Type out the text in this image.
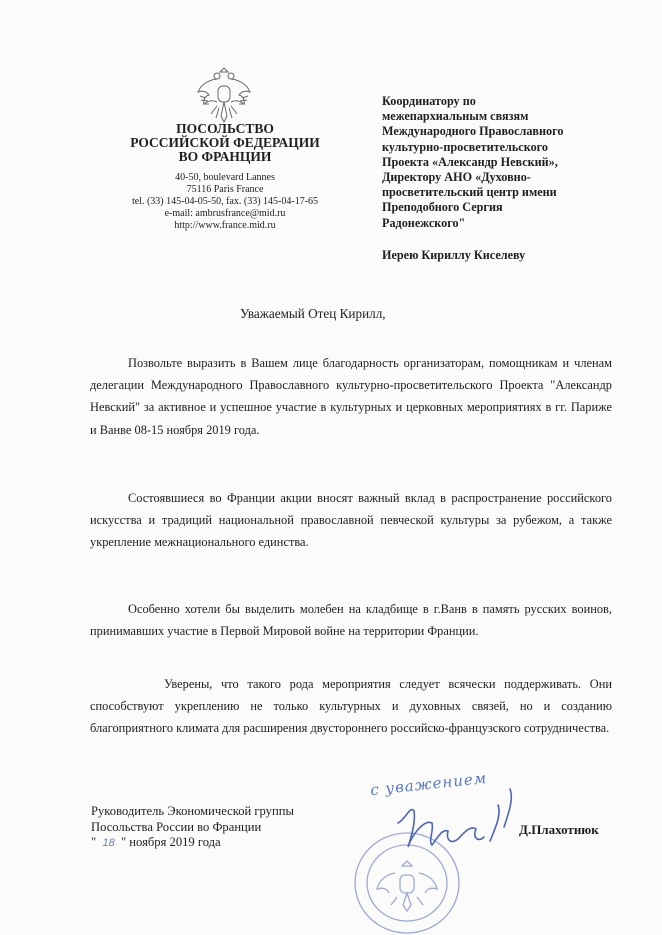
ПОСОЛЬСТВО
РОССИЙСКОЙ ФЕДЕРАЦИИ
ВО ФРАНЦИИ
40-50, boulevard Lannes
75116 Paris France
tel. (33) 145-04-05-50, fax. (33) 145-04-17-65
e-mail: ambrusfrance@mid.ru
http://www.france.mid.ru
Координатору по
межепархиальным связям
Международного Православного
культурно-просветительского
Проекта «Александр Невский»,
Директору АНО «Духовно-
просветительский центр имени
Преподобного Сергия
Радонежского"
Иерею Кириллу Киселеву
Уважаемый Отец Кирилл,

Позвольте выразить в Вашем лице благодарность организаторам, помощникам и членам делегации Международного Православного культурно-просветительского Проекта "Александр Невский" за активное и успешное участие в культурных и церковных мероприятиях в гг. Париже и Ванве 08-15 ноября 2019 года.

Состоявшиеся во Франции акции вносят важный вклад в распространение российского искусства и традиций национальной православной певческой культуры за рубежом, а также укрепление межнационального единства.

Особенно хотели бы выделить молебен на кладбище в г.Ванв в память русских воинов, принимавших участие в Первой Мировой войне на территории Франции.

Уверены, что такого рода мероприятия следует всячески поддерживать. Они способствуют укреплению не только культурных и духовных связей, но и созданию благоприятного климата для расширения двустороннего российско-французского сотрудничества.

с уважением
Руководитель Экономической группы
Посольства России во Франции
" 18 " ноября 2019 года
Д.Плахотнюк
